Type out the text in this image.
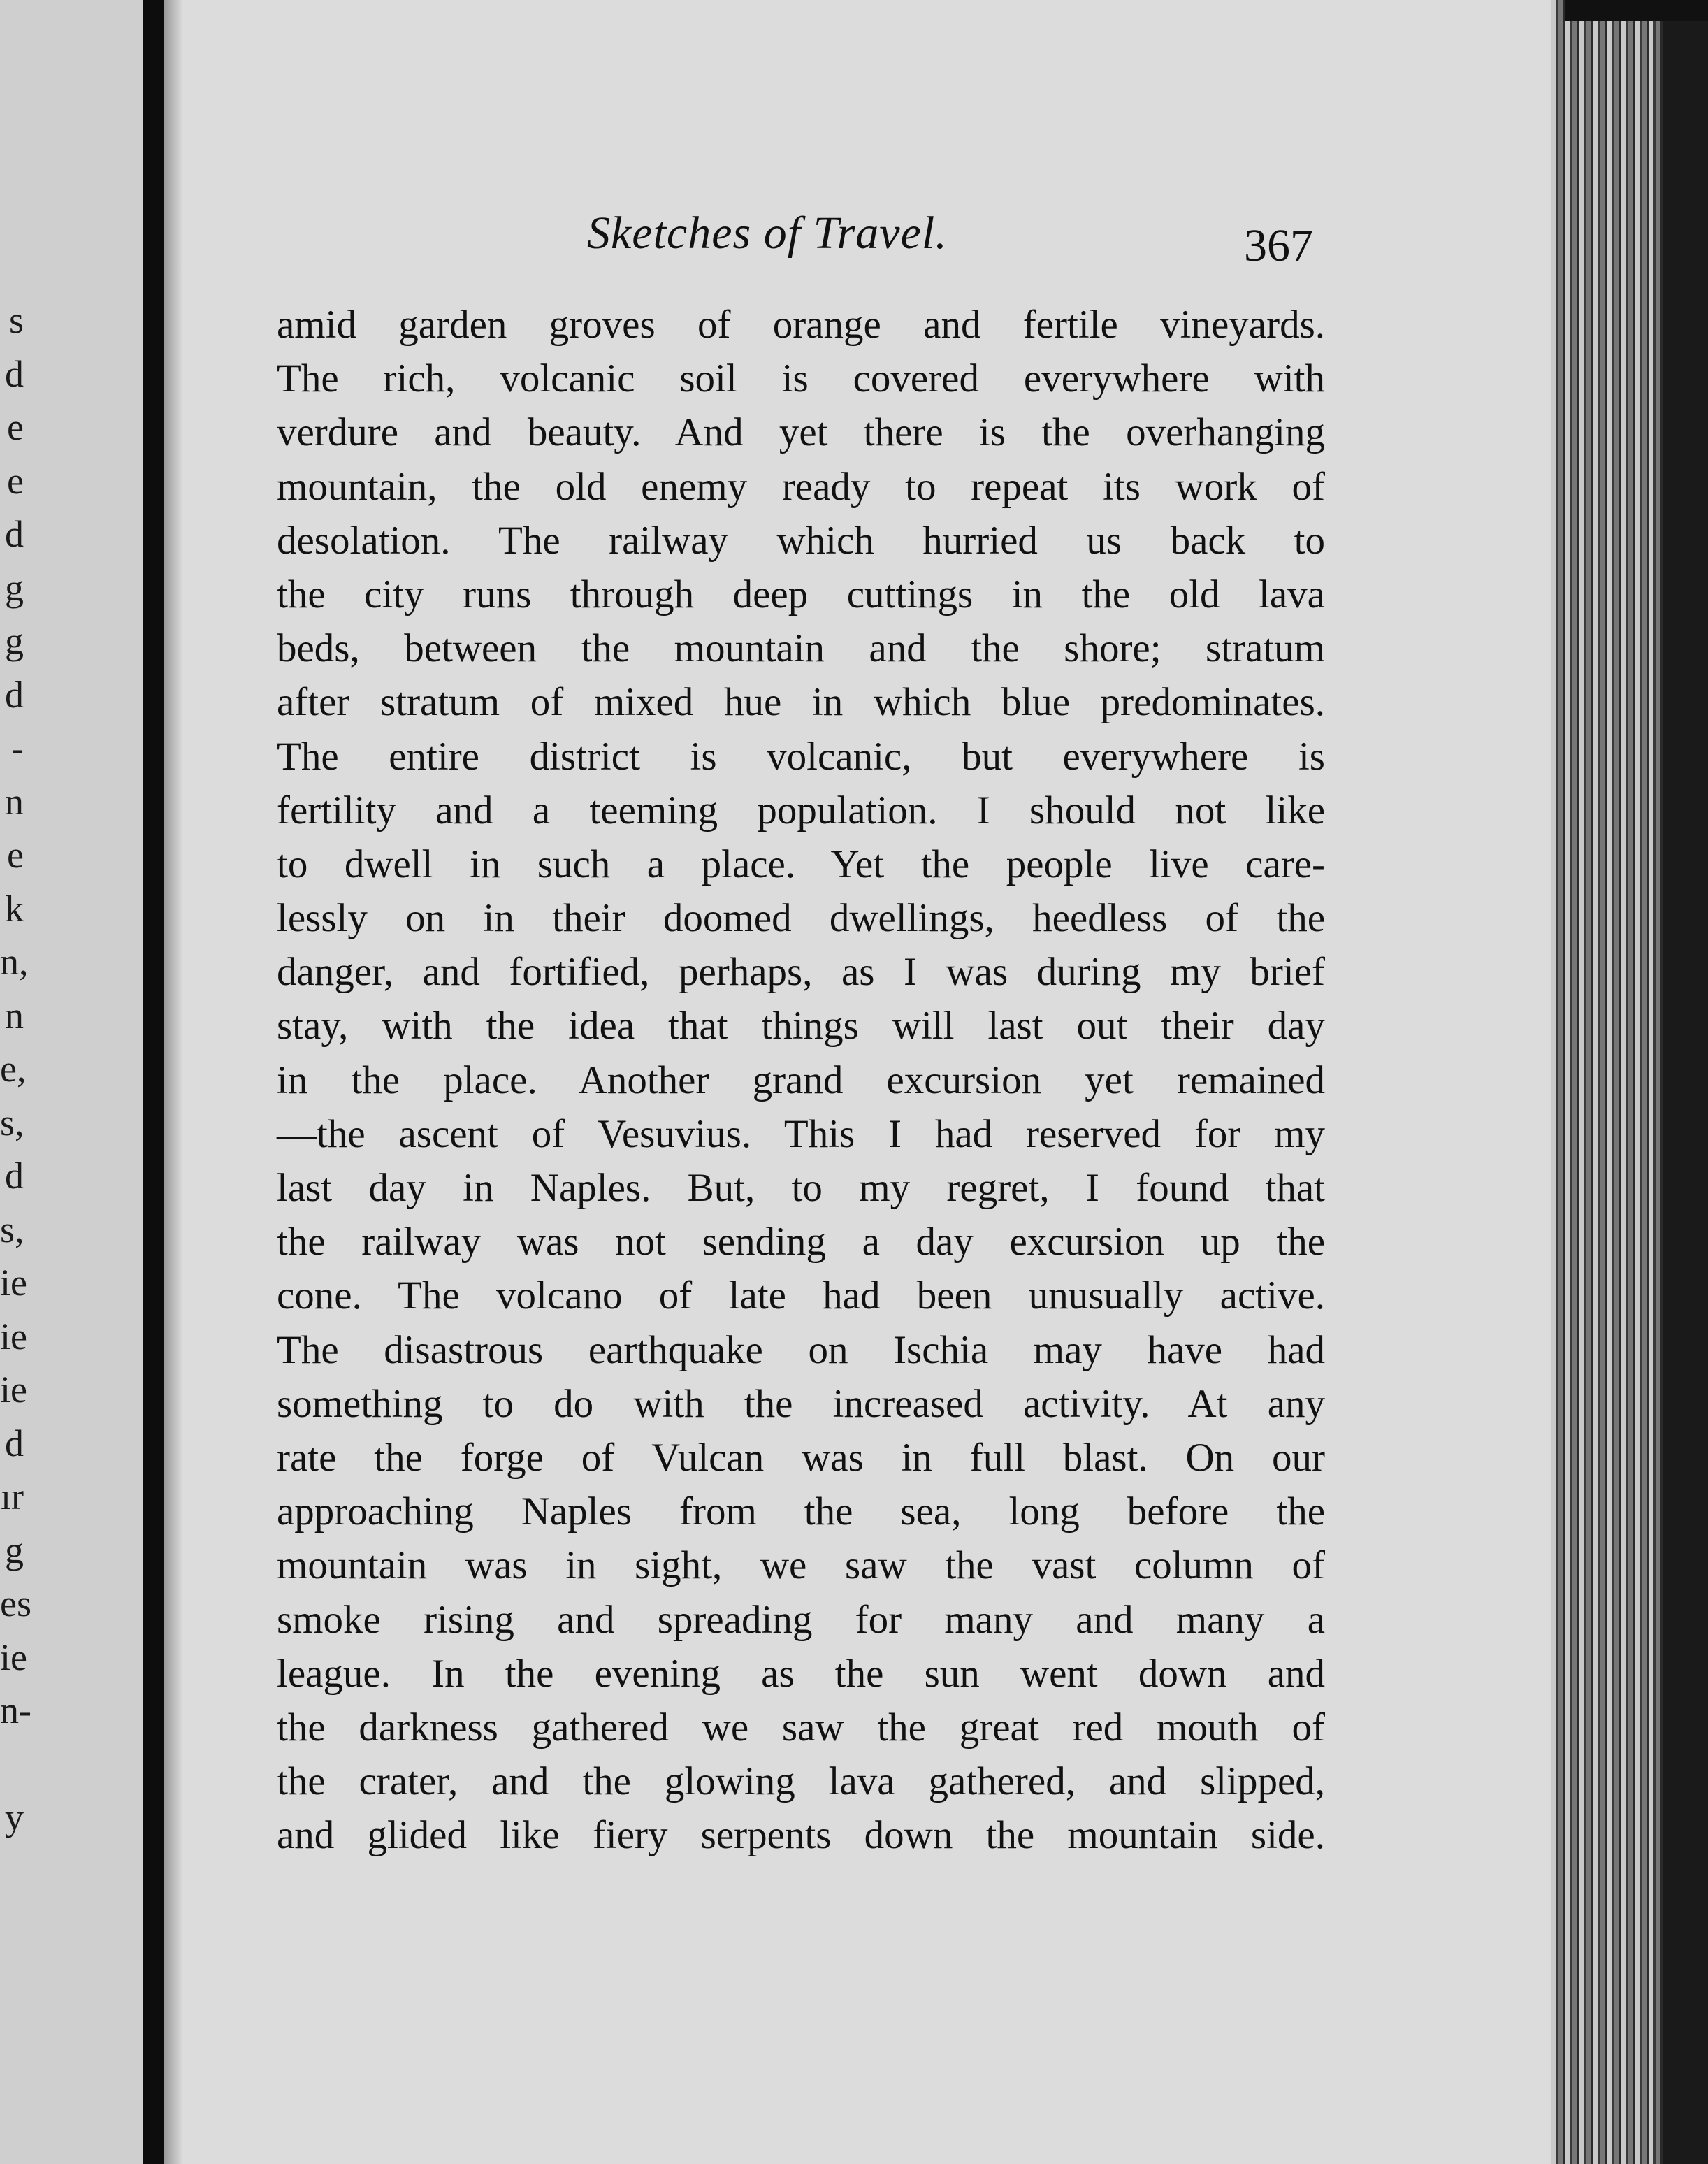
s
d
e
e
d
g
g
d
-
n
e
k
n,
n
e,
s,
d
s,
ie
ie
ie
d
ır
g
es
ie
n-
y
Sketches of Travel.	367
amid garden groves of orange and fertile vineyards.
The rich, volcanic soil is covered everywhere with
verdure and beauty. And yet there is the overhanging
mountain, the old enemy ready to repeat its work of
desolation. The railway which hurried us back to
the city runs through deep cuttings in the old lava
beds, between the mountain and the shore; stratum
after stratum of mixed hue in which blue predominates.
The entire district is volcanic, but everywhere is
fertility and a teeming population. I should not like
to dwell in such a place. Yet the people live care-
lessly on in their doomed dwellings, heedless of the
danger, and fortified, perhaps, as I was during my brief
stay, with the idea that things will last out their day
in the place. Another grand excursion yet remained
—the ascent of Vesuvius. This I had reserved for my
last day in Naples. But, to my regret, I found that
the railway was not sending a day excursion up the
cone. The volcano of late had been unusually active.
The disastrous earthquake on Ischia may have had
something to do with the increased activity. At any
rate the forge of Vulcan was in full blast. On our
approaching Naples from the sea, long before the
mountain was in sight, we saw the vast column of
smoke rising and spreading for many and many a
league. In the evening as the sun went down and
the darkness gathered we saw the great red mouth of
the crater, and the glowing lava gathered, and slipped,
and glided like fiery serpents down the mountain side.
